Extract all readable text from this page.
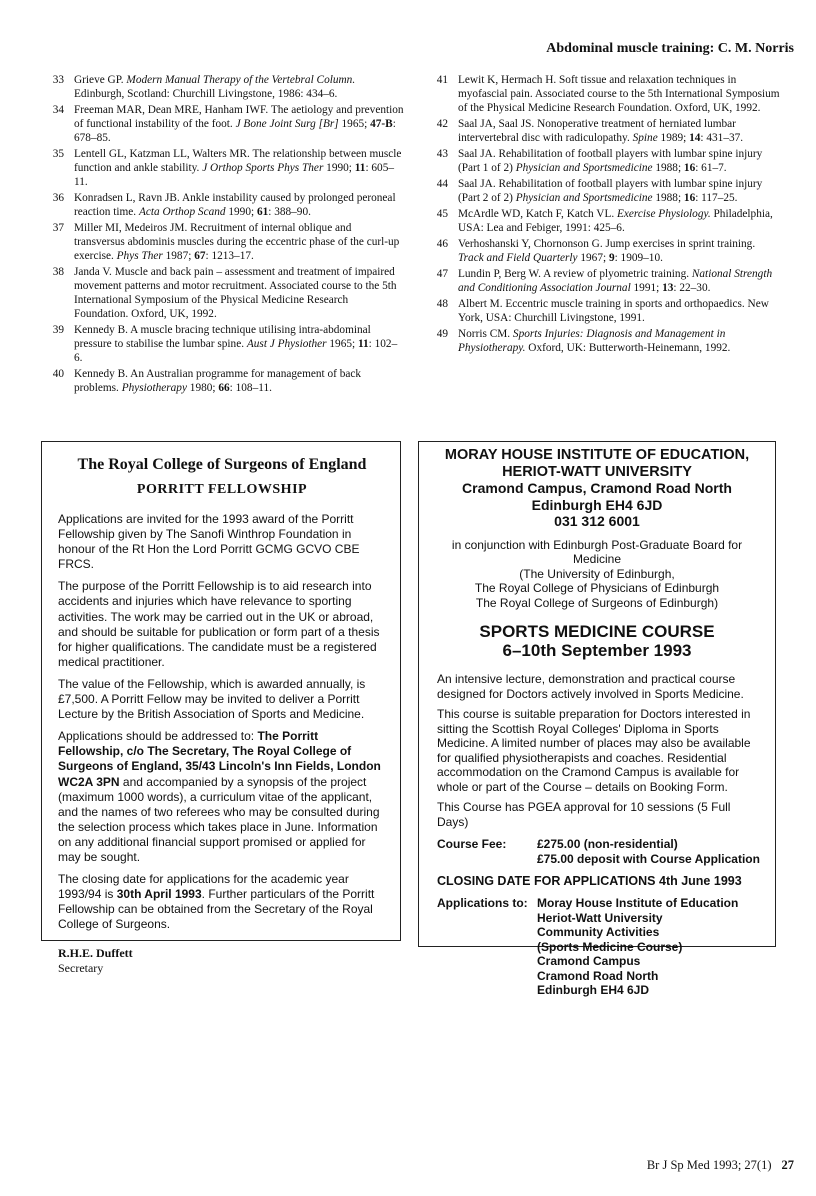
Abdominal muscle training: C. M. Norris
33 Grieve GP. Modern Manual Therapy of the Vertebral Column. Edinburgh, Scotland: Churchill Livingstone, 1986: 434–6.
34 Freeman MAR, Dean MRE, Hanham IWF. The aetiology and prevention of functional instability of the foot. J Bone Joint Surg [Br] 1965; 47-B: 678–85.
35 Lentell GL, Katzman LL, Walters MR. The relationship between muscle function and ankle stability. J Orthop Sports Phys Ther 1990; 11: 605–11.
36 Konradsen L, Ravn JB. Ankle instability caused by prolonged peroneal reaction time. Acta Orthop Scand 1990; 61: 388–90.
37 Miller MI, Medeiros JM. Recruitment of internal oblique and transversus abdominis muscles during the eccentric phase of the curl-up exercise. Phys Ther 1987; 67: 1213–17.
38 Janda V. Muscle and back pain – assessment and treatment of impaired movement patterns and motor recruitment. Associated course to the 5th International Symposium of the Physical Medicine Research Foundation. Oxford, UK, 1992.
39 Kennedy B. A muscle bracing technique utilising intra-abdominal pressure to stabilise the lumbar spine. Aust J Physiother 1965; 11: 102–6.
40 Kennedy B. An Australian programme for management of back problems. Physiotherapy 1980; 66: 108–11.
41 Lewit K, Hermach H. Soft tissue and relaxation techniques in myofascial pain. Associated course to the 5th International Symposium of the Physical Medicine Research Foundation. Oxford, UK, 1992.
42 Saal JA, Saal JS. Nonoperative treatment of herniated lumbar intervertebral disc with radiculopathy. Spine 1989; 14: 431–37.
43 Saal JA. Rehabilitation of football players with lumbar spine injury (Part 1 of 2) Physician and Sportsmedicine 1988; 16: 61–7.
44 Saal JA. Rehabilitation of football players with lumbar spine injury (Part 2 of 2) Physician and Sportsmedicine 1988; 16: 117–25.
45 McArdle WD, Katch F, Katch VL. Exercise Physiology. Philadelphia, USA: Lea and Febiger, 1991: 425–6.
46 Verhoshanski Y, Chornonson G. Jump exercises in sprint training. Track and Field Quarterly 1967; 9: 1909–10.
47 Lundin P, Berg W. A review of plyometric training. National Strength and Conditioning Association Journal 1991; 13: 22–30.
48 Albert M. Eccentric muscle training in sports and orthopaedics. New York, USA: Churchill Livingstone, 1991.
49 Norris CM. Sports Injuries: Diagnosis and Management in Physiotherapy. Oxford, UK: Butterworth-Heinemann, 1992.
The Royal College of Surgeons of England
PORRITT FELLOWSHIP

Applications are invited for the 1993 award of the Porritt Fellowship given by The Sanofi Winthrop Foundation in honour of the Rt Hon the Lord Porritt GCMG GCVO CBE FRCS.

The purpose of the Porritt Fellowship is to aid research into accidents and injuries which have relevance to sporting activities. The work may be carried out in the UK or abroad, and should be suitable for publication or form part of a thesis for higher qualifications. The candidate must be a registered medical practitioner.

The value of the Fellowship, which is awarded annually, is £7,500. A Porritt Fellow may be invited to deliver a Porritt Lecture by the British Association of Sports and Medicine.

Applications should be addressed to: The Porritt Fellowship, c/o The Secretary, The Royal College of Surgeons of England, 35/43 Lincoln's Inn Fields, London WC2A 3PN and accompanied by a synopsis of the project (maximum 1000 words), a curriculum vitae of the applicant, and the names of two referees who may be consulted during the selection process which takes place in June. Information on any additional financial support promised or applied for may be sought.

The closing date for applications for the academic year 1993/94 is 30th April 1993. Further particulars of the Porritt Fellowship can be obtained from the Secretary of the Royal College of Surgeons.

R.H.E. Duffett
Secretary
MORAY HOUSE INSTITUTE OF EDUCATION,
HERIOT-WATT UNIVERSITY
Cramond Campus, Cramond Road North
Edinburgh EH4 6JD
031 312 6001
in conjunction with Edinburgh Post-Graduate Board for Medicine
(The University of Edinburgh,
The Royal College of Physicians of Edinburgh
The Royal College of Surgeons of Edinburgh)
SPORTS MEDICINE COURSE
6–10th September 1993

An intensive lecture, demonstration and practical course designed for Doctors actively involved in Sports Medicine.

This course is suitable preparation for Doctors interested in sitting the Scottish Royal Colleges' Diploma in Sports Medicine. A limited number of places may also be available for qualified physiotherapists and coaches. Residential accommodation on the Cramond Campus is available for whole or part of the Course – details on Booking Form.

This Course has PGEA approval for 10 sessions (5 Full Days)

Course Fee:	£275.00 (non-residential)
£75.00 deposit with Course Application
CLOSING DATE FOR APPLICATIONS 4th June 1993
Applications to: Moray House Institute of Education
Heriot-Watt University
Community Activities
(Sports Medicine Course)
Cramond Campus
Cramond Road North
Edinburgh EH4 6JD
Br J Sp Med 1993; 27(1) 27
